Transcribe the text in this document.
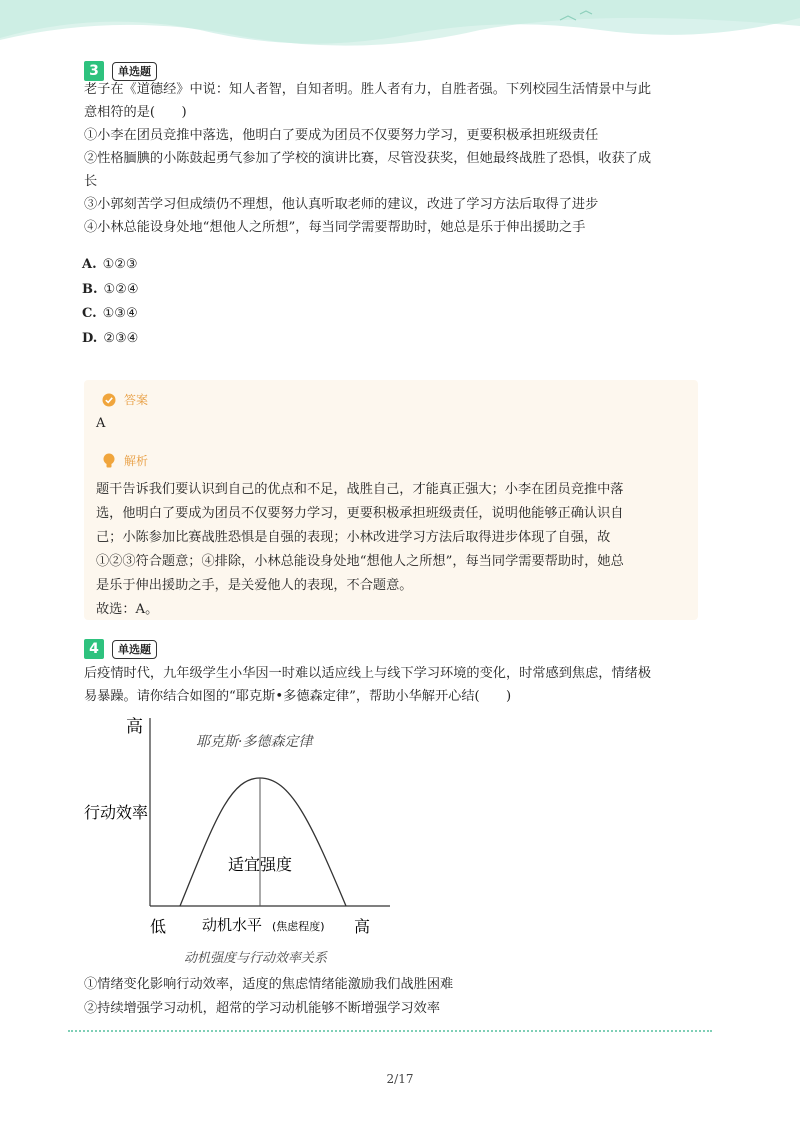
3	单选题
老子在《道德经》中说：知人者智，自知者明。胜人者有力，自胜者强。下列校园生活情景中与此
意相符的是(　　)
①小李在团员竞推中落选，他明白了要成为团员不仅要努力学习，更要积极承担班级责任
②性格腼腆的小陈鼓起勇气参加了学校的演讲比赛，尽管没获奖，但她最终战胜了恐惧，收获了成
长
③小郭刻苦学习但成绩仍不理想，他认真听取老师的建议，改进了学习方法后取得了进步
④小林总能设身处地“想他人之所想”，每当同学需要帮助时，她总是乐于伸出援助之手
A. ①②③
B. ①②④
C. ①③④
D. ②③④
答案
A
解析
题干告诉我们要认识到自己的优点和不足，战胜自己，才能真正强大；小李在团员竞推中落
选，他明白了要成为团员不仅要努力学习，更要积极承担班级责任，说明他能够正确认识自
己；小陈参加比赛战胜恐惧是自强的表现；小林改进学习方法后取得进步体现了自强，故
①②③符合题意；④排除，小林总能设身处地“想他人之所想”，每当同学需要帮助时，她总
是乐于伸出援助之手，是关爱他人的表现，不合题意。
故选：A。
4	单选题
后疫情时代，九年级学生小华因一时难以适应线上与线下学习环境的变化，时常感到焦虑，情绪极
易暴躁。请你结合如图的“耶克斯•多德森定律”，帮助小华解开心结(　　)
高
行动效率
耶克斯·多德森定律
适宜强度
低 动机水平 (焦虑程度) 高
动机强度与行动效率关系
①情绪变化影响行动效率，适度的焦虑情绪能激励我们战胜困难
②持续增强学习动机，超常的学习动机能够不断增强学习效率
2/17
